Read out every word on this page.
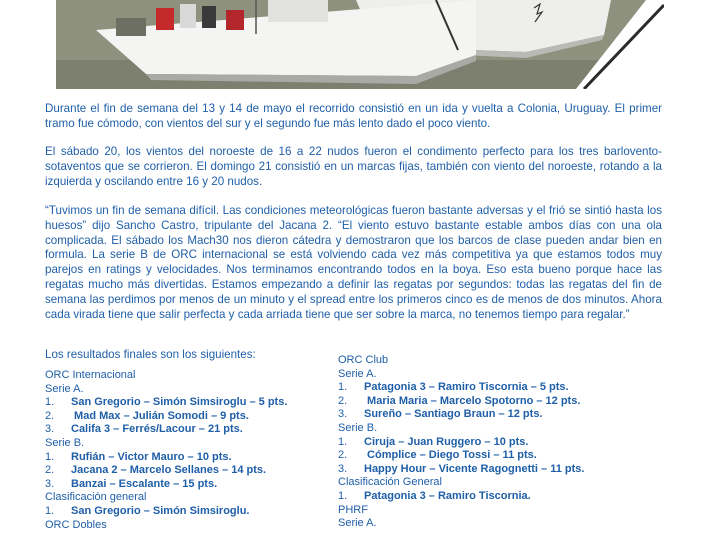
Durante el fin de semana del 13 y 14 de mayo el recorrido consistió en un ida y vuelta a Colonia, Uruguay. El primer tramo fue cómodo, con vientos del sur y el segundo fue más lento dado el poco viento.

El sábado 20, los vientos del noroeste de 16 a 22 nudos fueron el condimento perfecto para los tres barlovento-sotaventos que se corrieron. El domingo 21 consistió en un marcas fijas, también con viento del noroeste, rotando a la izquierda y oscilando entre 16 y 20 nudos.

“Tuvimos un fin de semana difícil. Las condiciones meteorológicas fueron bastante adversas y el frió se sintió hasta los huesos” dijo Sancho Castro, tripulante del Jacana 2. “El viento estuvo bastante estable ambos días con una ola complicada. El sábado los Mach30 nos dieron cátedra y demostraron que los barcos de clase pueden andar bien en formula. La serie B de ORC internacional se está volviendo cada vez más competitiva ya que estamos todos muy parejos en ratings y velocidades. Nos terminamos encontrando todos en la boya. Eso esta bueno porque hace las regatas mucho más divertidas. Estamos empezando a definir las regatas por segundos: todas las regatas del fin de semana las perdimos por menos de un minuto y el spread entre los primeros cinco es de menos de dos minutos. Ahora cada virada tiene que salir perfecta y cada arriada tiene que ser sobre la marca, no tenemos tiempo para regalar.”

Los resultados finales son los siguientes:
ORC Internacional
Serie A.
1. San Gregorio – Simón Simsiroglu – 5 pts.
2. Mad Max – Julián Somodi – 9 pts.
3. Califa 3 – Ferrés/Lacour – 21 pts.
Serie B.
1. Rufián – Victor Mauro – 10 pts.
2. Jacana 2 – Marcelo Sellanes – 14 pts.
3. Banzai – Escalante – 15 pts.
Clasificación general
1. San Gregorio – Simón Simsiroglu.
ORC Dobles
ORC Club
Serie A.
1. Patagonia 3 – Ramiro Tiscornia – 5 pts.
2. Maria Maria – Marcelo Spotorno – 12 pts.
3. Sureño – Santiago Braun – 12 pts.
Serie B.
1. Ciruja – Juan Ruggero – 10 pts.
2. Cómplice – Diego Tossi – 11 pts.
3. Happy Hour – Vicente Ragognetti – 11 pts.
Clasificación General
1. Patagonia 3 – Ramiro Tiscornia.
PHRF
Serie A.
